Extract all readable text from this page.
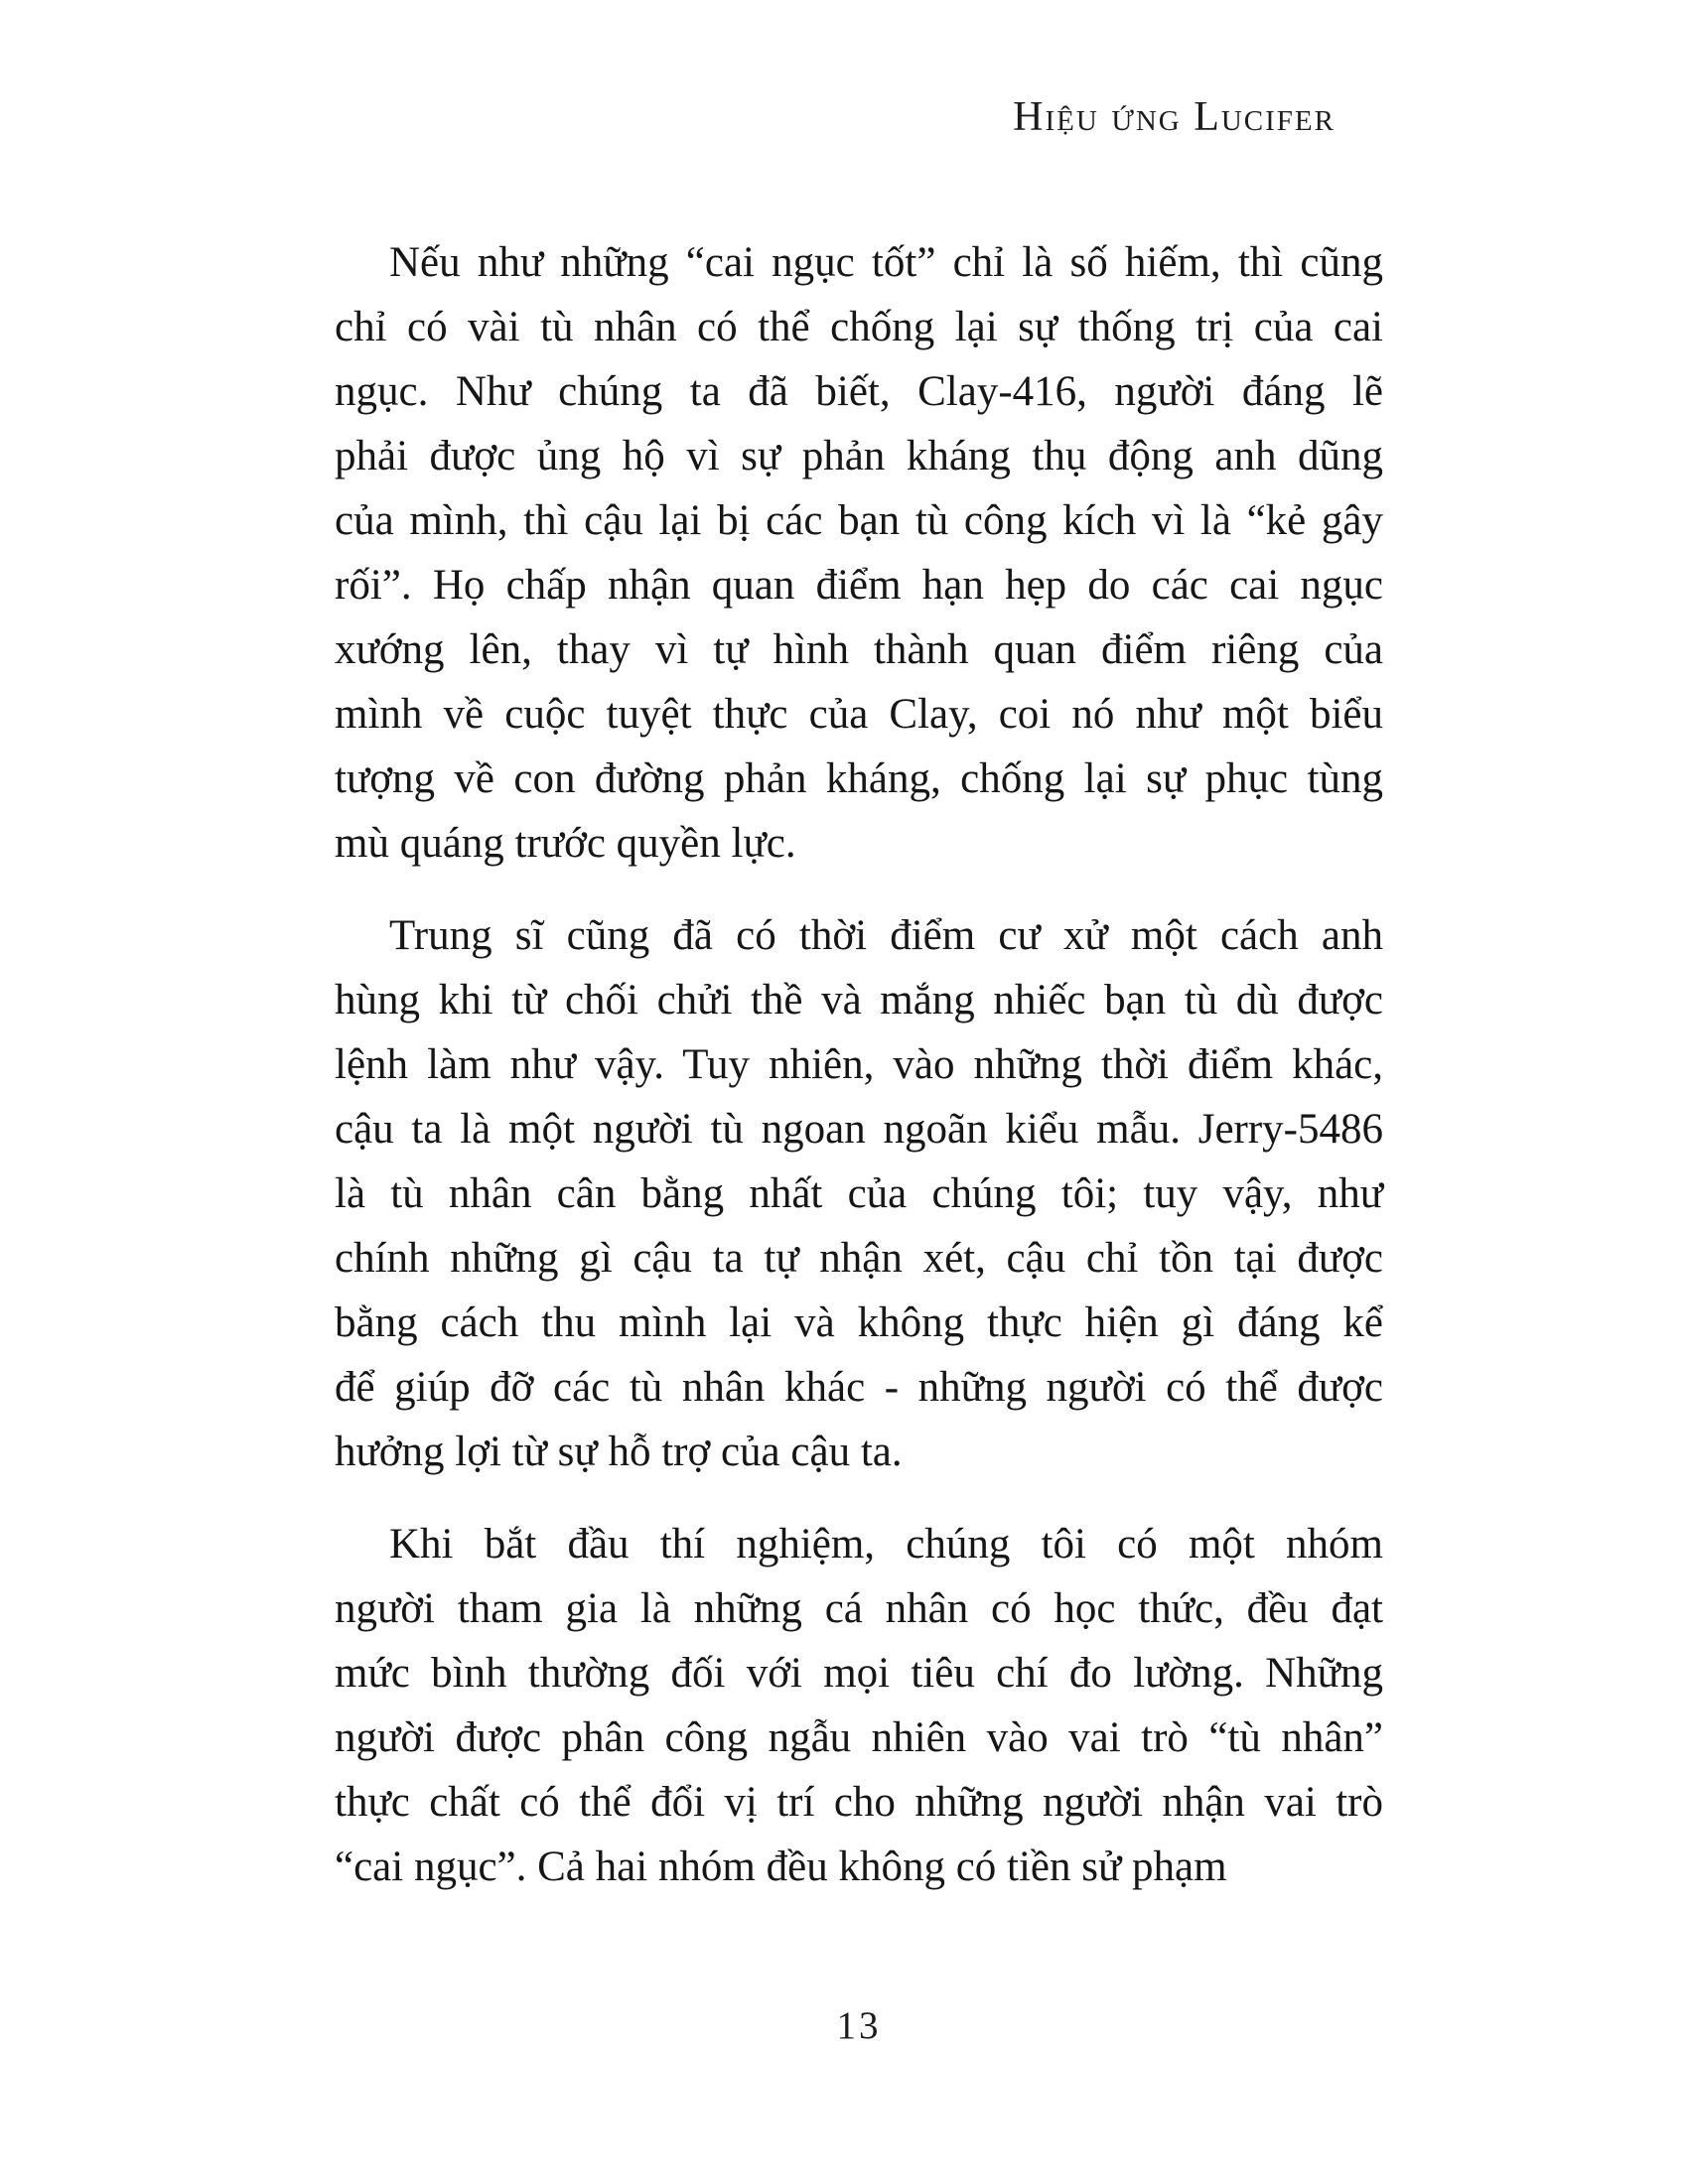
Hiệu ứng Lucifer
Nếu như những “cai ngục tốt” chỉ là số hiếm, thì cũng
chỉ có vài tù nhân có thể chống lại sự thống trị của cai
ngục. Như chúng ta đã biết, Clay-416, người đáng lẽ
phải được ủng hộ vì sự phản kháng thụ động anh dũng
của mình, thì cậu lại bị các bạn tù công kích vì là “kẻ gây
rối”. Họ chấp nhận quan điểm hạn hẹp do các cai ngục
xướng lên, thay vì tự hình thành quan điểm riêng của
mình về cuộc tuyệt thực của Clay, coi nó như một biểu
tượng về con đường phản kháng, chống lại sự phục tùng
mù quáng trước quyền lực.
Trung sĩ cũng đã có thời điểm cư xử một cách anh
hùng khi từ chối chửi thề và mắng nhiếc bạn tù dù được
lệnh làm như vậy. Tuy nhiên, vào những thời điểm khác,
cậu ta là một người tù ngoan ngoãn kiểu mẫu. Jerry-5486
là tù nhân cân bằng nhất của chúng tôi; tuy vậy, như
chính những gì cậu ta tự nhận xét, cậu chỉ tồn tại được
bằng cách thu mình lại và không thực hiện gì đáng kể
để giúp đỡ các tù nhân khác - những người có thể được
hưởng lợi từ sự hỗ trợ của cậu ta.
Khi bắt đầu thí nghiệm, chúng tôi có một nhóm
người tham gia là những cá nhân có học thức, đều đạt
mức bình thường đối với mọi tiêu chí đo lường. Những
người được phân công ngẫu nhiên vào vai trò “tù nhân”
thực chất có thể đổi vị trí cho những người nhận vai trò
“cai ngục”. Cả hai nhóm đều không có tiền sử phạm
13
